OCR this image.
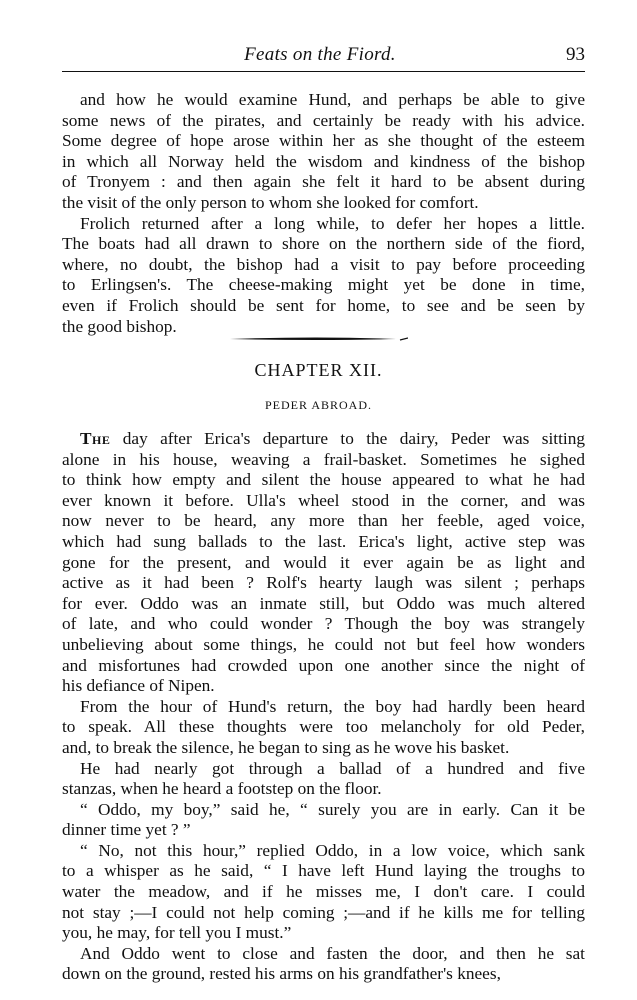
Feats on the Fiord.	93

and how he would examine Hund, and perhaps be able to give
some news of the pirates, and certainly be ready with his advice.
Some degree of hope arose within her as she thought of the esteem
in which all Norway held the wisdom and kindness of the bishop
of Tronyem : and then again she felt it hard to be absent during
the visit of the only person to whom she looked for comfort.

Frolich returned after a long while, to defer her hopes a little.
The boats had all drawn to shore on the northern side of the fiord,
where, no doubt, the bishop had a visit to pay before proceeding
to Erlingsen's. The cheese-making might yet be done in time,
even if Frolich should be sent for home, to see and be seen by
the good bishop.

CHAPTER XII.
PEDER ABROAD.

The day after Erica's departure to the dairy, Peder was sitting
alone in his house, weaving a frail-basket. Sometimes he sighed
to think how empty and silent the house appeared to what he had
ever known it before. Ulla's wheel stood in the corner, and was
now never to be heard, any more than her feeble, aged voice,
which had sung ballads to the last. Erica's light, active step was
gone for the present, and would it ever again be as light and
active as it had been ? Rolf's hearty laugh was silent ; perhaps
for ever. Oddo was an inmate still, but Oddo was much altered
of late, and who could wonder ? Though the boy was strangely
unbelieving about some things, he could not but feel how wonders
and misfortunes had crowded upon one another since the night of
his defiance of Nipen.

From the hour of Hund's return, the boy had hardly been heard
to speak. All these thoughts were too melancholy for old Peder,
and, to break the silence, he began to sing as he wove his basket.

He had nearly got through a ballad of a hundred and five
stanzas, when he heard a footstep on the floor.

“ Oddo, my boy,” said he, “ surely you are in early. Can it be
dinner time yet ? ”

“ No, not this hour,” replied Oddo, in a low voice, which sank
to a whisper as he said, “ I have left Hund laying the troughs to
water the meadow, and if he misses me, I don't care. I could
not stay ;—I could not help coming ;—and if he kills me for telling
you, he may, for tell you I must.”

And Oddo went to close and fasten the door, and then he sat
down on the ground, rested his arms on his grandfather's knees,
